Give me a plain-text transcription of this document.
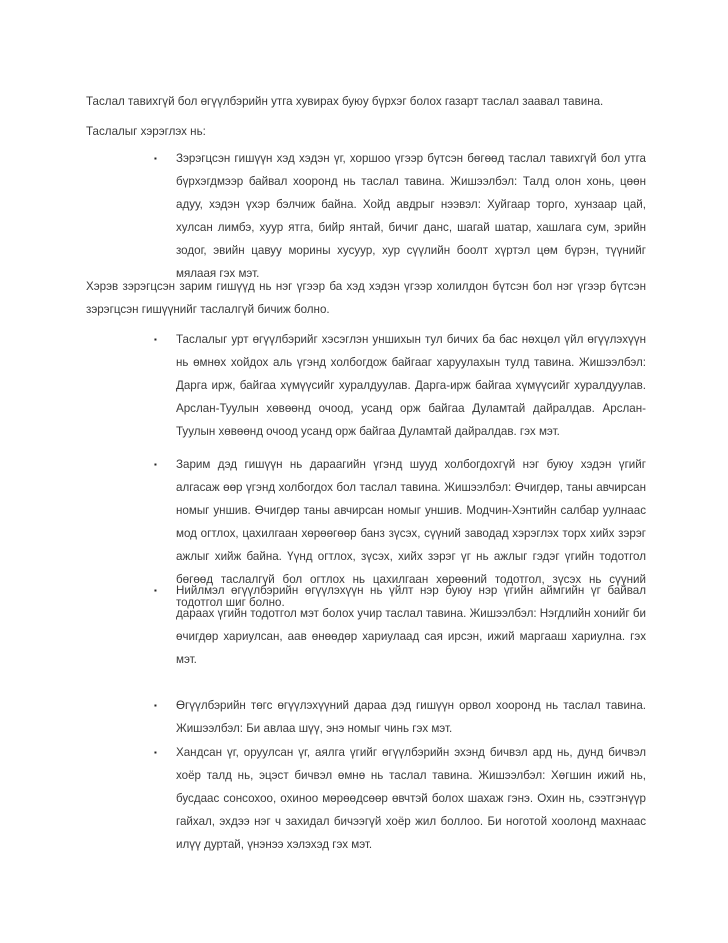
Таслал тавихгүй бол өгүүлбэрийн утга хувирах буюу бүрхэг болох газарт таслал заавал тавина.

Таслалыг хэрэглэх нь:

▪	Зэрэгцсэн гишүүн хэд хэдэн үг, хоршоо үгээр бүтсэн бөгөөд таслал тавихгүй бол утга бүрхэгдмээр байвал хооронд нь таслал тавина. Жишээлбэл: Талд олон хонь, цөөн адуу, хэдэн үхэр бэлчиж байна. Хойд авдрыг нээвэл: Хуйгаар торго, хунзаар цай, хулсан лимбэ, хуур ятга, бийр янтай, бичиг данс, шагай шатар, хашлага сум, эрийн зодог, эвийн цавуу морины хусуур, хур сүүлийн боолт хүртэл цөм бүрэн, түүнийг мялаая гэх мэт.

Хэрэв зэрэгцсэн зарим гишүүд нь нэг үгээр ба хэд хэдэн үгээр холилдон бүтсэн бол нэг үгээр бүтсэн зэрэгцсэн гишүүнийг таслалгүй бичиж болно.

▪	Таслалыг урт өгүүлбэрийг хэсэглэн уншихын тул бичих ба бас нөхцөл үйл өгүүлэхүүн нь өмнөх хойдох аль үгэнд холбогдож байгааг харуулахын тулд тавина. Жишээлбэл: Дарга ирж, байгаа хүмүүсийг хуралдуулав. Дарга-ирж байгаа хүмүүсийг хуралдуулав. Арслан-Туулын хөвөөнд очоод, усанд орж байгаа Дуламтай дайралдав. Арслан-Туулын хөвөөнд очоод усанд орж байгаа Дуламтай дайралдав. гэх мэт.

▪	Зарим дэд гишүүн нь дараагийн үгэнд шууд холбогдохгүй нэг буюу хэдэн үгийг алгасаж өөр үгэнд холбогдох бол таслал тавина. Жишээлбэл: Өчигдөр, таны авчирсан номыг уншив. Өчигдөр таны авчирсан номыг уншив. Модчин-Хэнтийн салбар уулнаас мод огтлох, цахилгаан хөрөөгөөр банз зүсэх, сүүний заводад хэрэглэх торх хийх зэрэг ажлыг хийж байна. Үүнд огтлох, зүсэх, хийх зэрэг үг нь ажлыг гэдэг үгийн тодотгол бөгөөд таслалгүй бол огтлох нь цахилгаан хөрөөний тодотгол, зүсэх нь сүүний тодотгол шиг болно.

▪	Нийлмэл өгүүлбэрийн өгүүлэхүүн нь үйлт нэр буюу нэр үгийн аймгийн үг байвал дараах үгийн тодотгол мэт болох учир таслал тавина. Жишээлбэл: Нэгдлийн хонийг би өчигдөр хариулсан, аав өнөөдөр хариулаад сая ирсэн, ижий маргааш хариулна. гэх мэт.

▪	Өгүүлбэрийн төгс өгүүлэхүүний дараа дэд гишүүн орвол хооронд нь таслал тавина. Жишээлбэл: Би авлаа шүү, энэ номыг чинь гэх мэт.

▪	Хандсан үг, оруулсан үг, аялга үгийг өгүүлбэрийн эхэнд бичвэл ард нь, дунд бичвэл хоёр талд нь, эцэст бичвэл өмнө нь таслал тавина. Жишээлбэл: Хөгшин ижий нь, бусдаас сонсохоо, охиноо мөрөөдсөөр өвчтэй болох шахаж гэнэ. Охин нь, сээтгэнүүр гайхал, эхдээ нэг ч захидал бичээгүй хоёр жил боллоо. Би ноготой хоолонд махнаас илүү дуртай, үнэнээ хэлэхэд гэх мэт.
